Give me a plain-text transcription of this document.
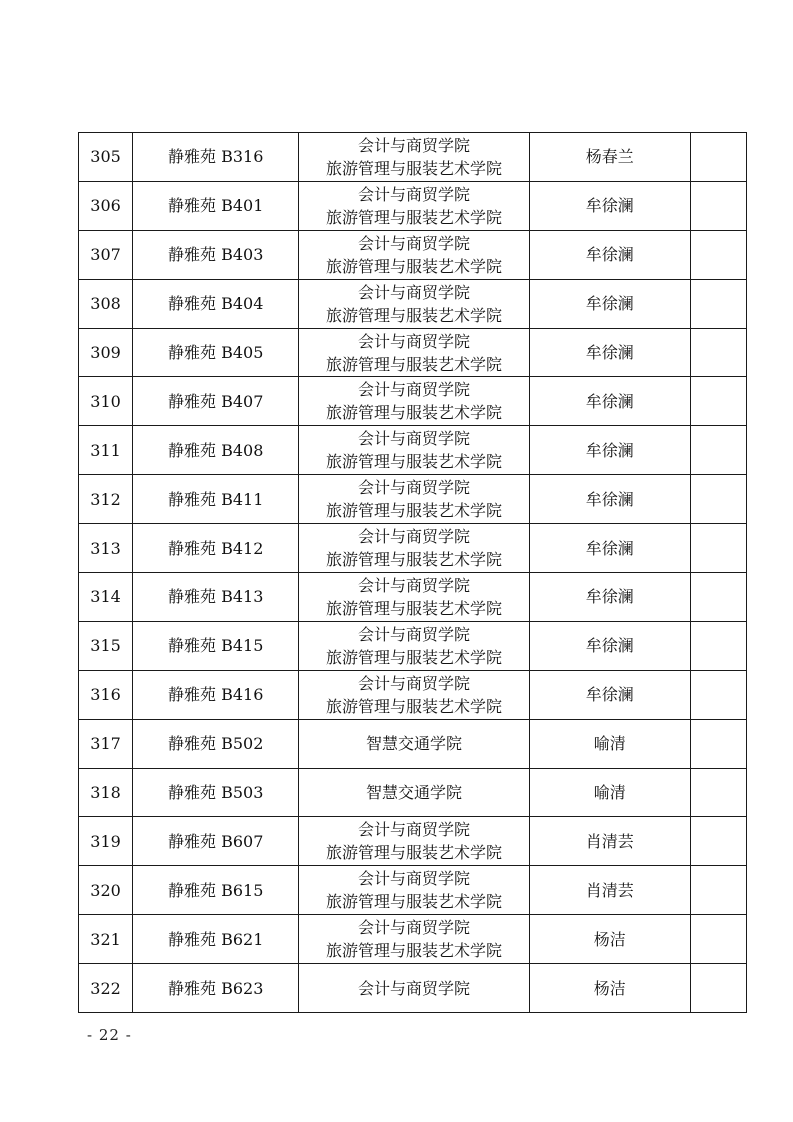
305	静雅苑 B316	会计与商贸学院
旅游管理与服装艺术学院	杨春兰	
306	静雅苑 B401	会计与商贸学院
旅游管理与服装艺术学院	牟徐澜	
307	静雅苑 B403	会计与商贸学院
旅游管理与服装艺术学院	牟徐澜	
308	静雅苑 B404	会计与商贸学院
旅游管理与服装艺术学院	牟徐澜	
309	静雅苑 B405	会计与商贸学院
旅游管理与服装艺术学院	牟徐澜	
310	静雅苑 B407	会计与商贸学院
旅游管理与服装艺术学院	牟徐澜	
311	静雅苑 B408	会计与商贸学院
旅游管理与服装艺术学院	牟徐澜	
312	静雅苑 B411	会计与商贸学院
旅游管理与服装艺术学院	牟徐澜	
313	静雅苑 B412	会计与商贸学院
旅游管理与服装艺术学院	牟徐澜	
314	静雅苑 B413	会计与商贸学院
旅游管理与服装艺术学院	牟徐澜	
315	静雅苑 B415	会计与商贸学院
旅游管理与服装艺术学院	牟徐澜	
316	静雅苑 B416	会计与商贸学院
旅游管理与服装艺术学院	牟徐澜	
317	静雅苑 B502	智慧交通学院	喻清	
318	静雅苑 B503	智慧交通学院	喻清	
319	静雅苑 B607	会计与商贸学院
旅游管理与服装艺术学院	肖清芸	
320	静雅苑 B615	会计与商贸学院
旅游管理与服装艺术学院	肖清芸	
321	静雅苑 B621	会计与商贸学院
旅游管理与服装艺术学院	杨洁	
322	静雅苑 B623	会计与商贸学院	杨洁	
- 22 -
